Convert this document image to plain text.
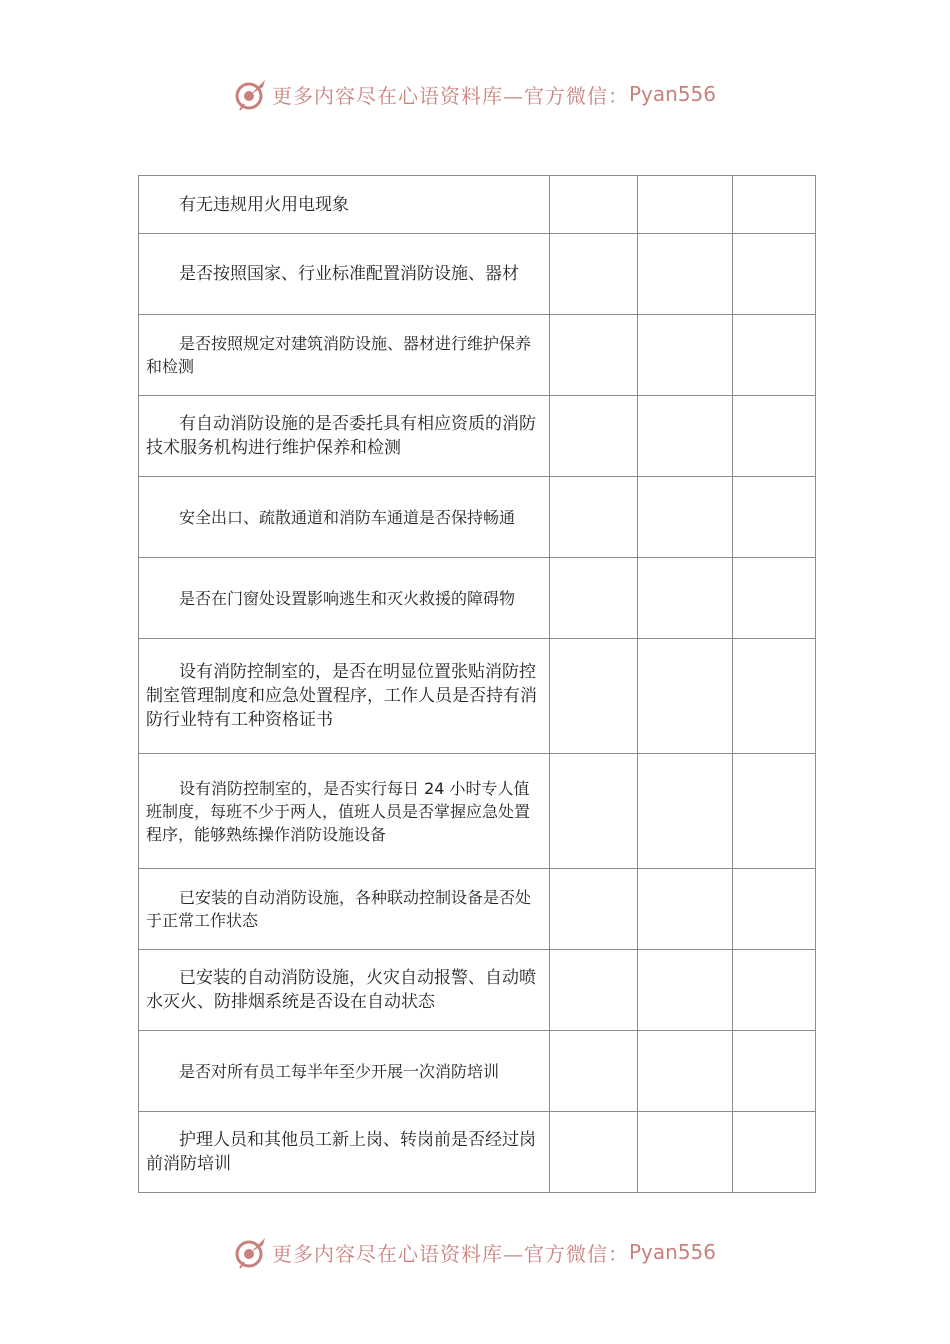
更多内容尽在心语资料库—官方微信： Pyan556
有无违规用火用电现象			
是否按照国家、行业标准配置消防设施、器材			
是否按照规定对建筑消防设施、器材进行维护保养和检测			
有自动消防设施的是否委托具有相应资质的消防技术服务机构进行维护保养和检测			
安全出口、疏散通道和消防车通道是否保持畅通			
是否在门窗处设置影响逃生和灭火救援的障碍物			
设有消防控制室的，是否在明显位置张贴消防控制室管理制度和应急处置程序，工作人员是否持有消防行业特有工种资格证书			
设有消防控制室的，是否实行每日 24 小时专人值班制度，每班不少于两人，值班人员是否掌握应急处置程序，能够熟练操作消防设施设备			
已安装的自动消防设施，各种联动控制设备是否处于正常工作状态			
已安装的自动消防设施，火灾自动报警、自动喷水灭火、防排烟系统是否设在自动状态			
是否对所有员工每半年至少开展一次消防培训			
护理人员和其他员工新上岗、转岗前是否经过岗前消防培训			
更多内容尽在心语资料库—官方微信： Pyan556
